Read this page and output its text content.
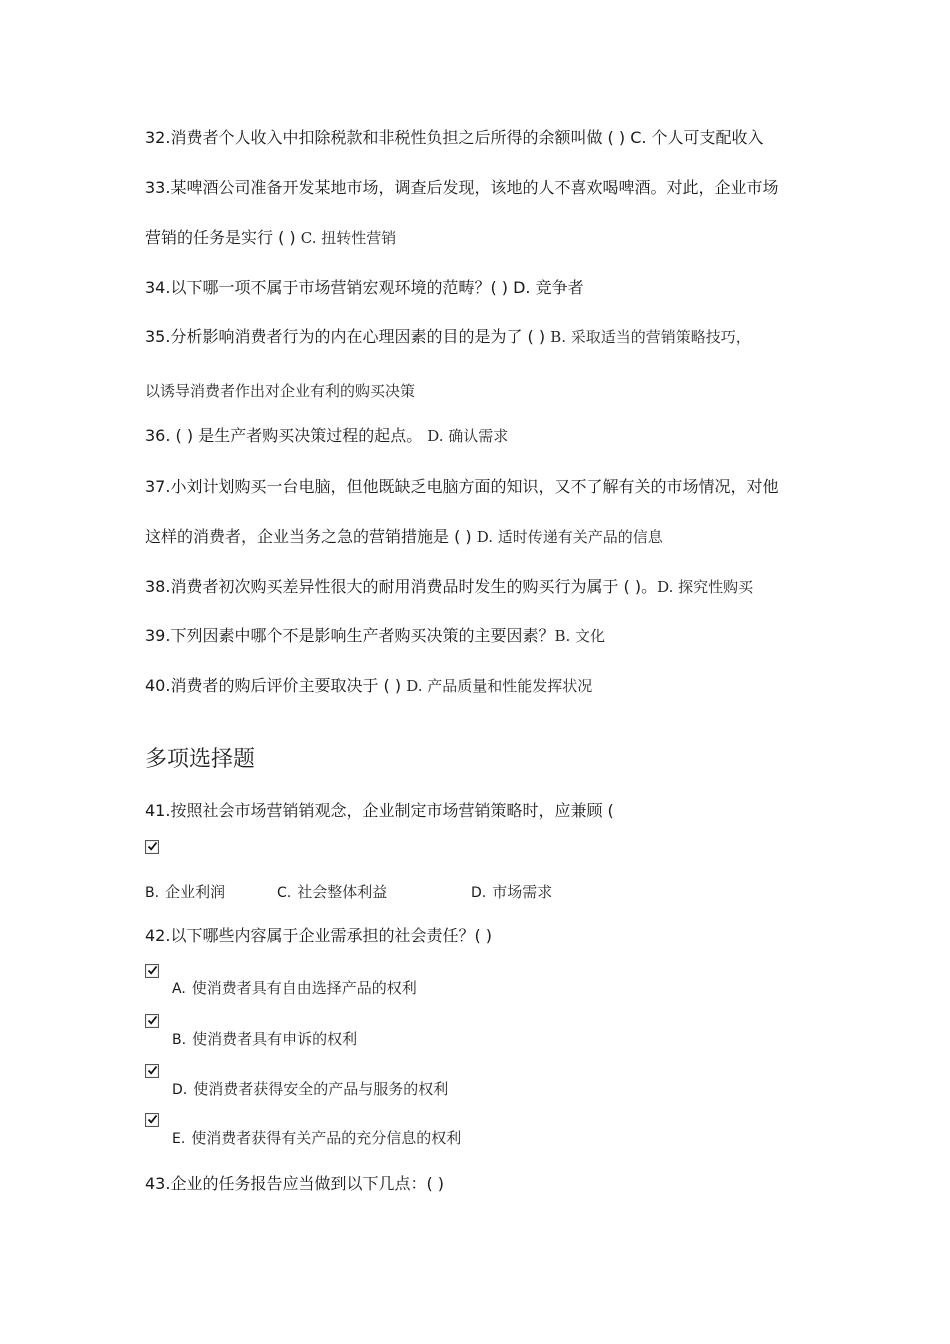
32.消费者个人收入中扣除税款和非税性负担之后所得的余额叫做 ( ) C. 个人可支配收入
33.某啤酒公司准备开发某地市场，调查后发现，该地的人不喜欢喝啤酒。对此，企业市场
营销的任务是实行 ( ) C. 扭转性营销
34.以下哪一项不属于市场营销宏观环境的范畴？( ) D. 竞争者
35.分析影响消费者行为的内在心理因素的目的是为了 ( ) B. 采取适当的营销策略技巧，
以诱导消费者作出对企业有利的购买决策
36. ( ) 是生产者购买决策过程的起点。 D. 确认需求
37.小刘计划购买一台电脑，但他既缺乏电脑方面的知识，又不了解有关的市场情况，对他
这样的消费者，企业当务之急的营销措施是 ( ) D. 适时传递有关产品的信息
38.消费者初次购买差异性很大的耐用消费品时发生的购买行为属于 ( )。D. 探究性购买
39.下列因素中哪个不是影响生产者购买决策的主要因素？B. 文化
40.消费者的购后评价主要取决于 ( ) D. 产品质量和性能发挥状况
多项选择题
41.按照社会市场营销销观念，企业制定市场营销策略时，应兼顾 (
B. 企业利润	C. 社会整体利益	D. 市场需求
42.以下哪些内容属于企业需承担的社会责任？( )
A. 使消费者具有自由选择产品的权利
B. 使消费者具有申诉的权利
D. 使消费者获得安全的产品与服务的权利
E. 使消费者获得有关产品的充分信息的权利
43.企业的任务报告应当做到以下几点：( )
